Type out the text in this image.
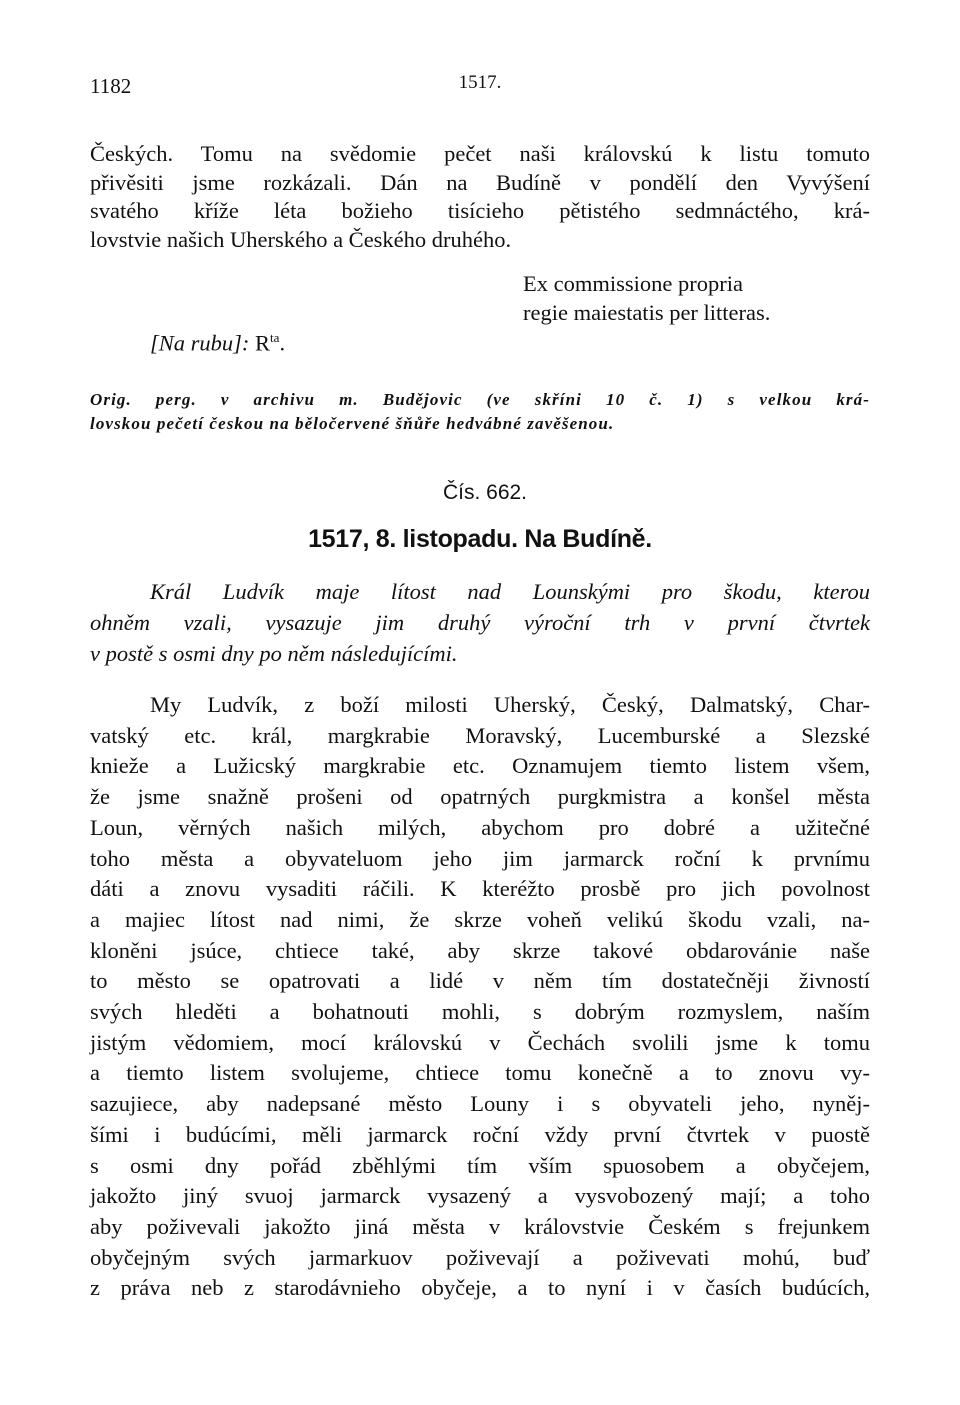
1182	1517.

Českých. Tomu na svědomie pečet naši královskú k listu tomuto

přivěsiti jsme rozkázali. Dán na Budíně v pondělí den Vyvýšení

svatého kříže léta božieho tisícieho pětistého sedmnáctého, krá-

lovstvie našich Uherského a Českého druhého.

Ex commissione propria
regie maiestatis per litteras.
[Na rubu]: $R^{ta}$.

Orig. perg. v archivu m. Budějovic (ve skříni 10 č. 1) s velkou krá-

lovskou pečetí českou na běločervené šňůře hedvábné zavěšenou.

Čís. 662.
1517, 8. listopadu. Na Budíně.

Král Ludvík maje lítost nad Lounskými pro škodu, kterou

ohněm vzali, vysazuje jim druhý výroční trh v první čtvrtek

v postě s osmi dny po něm následujícími.

My Ludvík, z boží milosti Uherský, Český, Dalmatský, Char-

vatský etc. král, margkrabie Moravský, Lucemburské a Slezské

knieže a Lužicský margkrabie etc. Oznamujem tiemto listem všem,

že jsme snažně prošeni od opatrných purgkmistra a konšel města

Loun, věrných našich milých, abychom pro dobré a užitečné

toho města a obyvateluom jeho jim jarmarck roční k prvnímu

dáti a znovu vysaditi ráčili. K kteréžto prosbě pro jich povolnost

a majiec lítost nad nimi, že skrze voheň velikú škodu vzali, na-

kloněni jsúce, chtiece také, aby skrze takové obdarovánie naše

to město se opatrovati a lidé v něm tím dostatečněji živností

svých hleděti a bohatnouti mohli, s dobrým rozmyslem, naším

jistým vědomiem, mocí královskú v Čechách svolili jsme k tomu

a tiemto listem svolujeme, chtiece tomu konečně a to znovu vy-

sazujiece, aby nadepsané město Louny i s obyvateli jeho, nyněj-

šími i budúcími, měli jarmarck roční vždy první čtvrtek v puostě

s osmi dny pořád zběhlými tím vším spuosobem a obyčejem,

jakožto jiný svuoj jarmarck vysazený a vysvobozený mají; a toho

aby poživevali jakožto jiná města v královstvie Českém s frejunkem

obyčejným svých jarmarkuov poživevají a poživevati mohú, buď

z práva neb z starodávnieho obyčeje, a to nyní i v časích budúcích,
